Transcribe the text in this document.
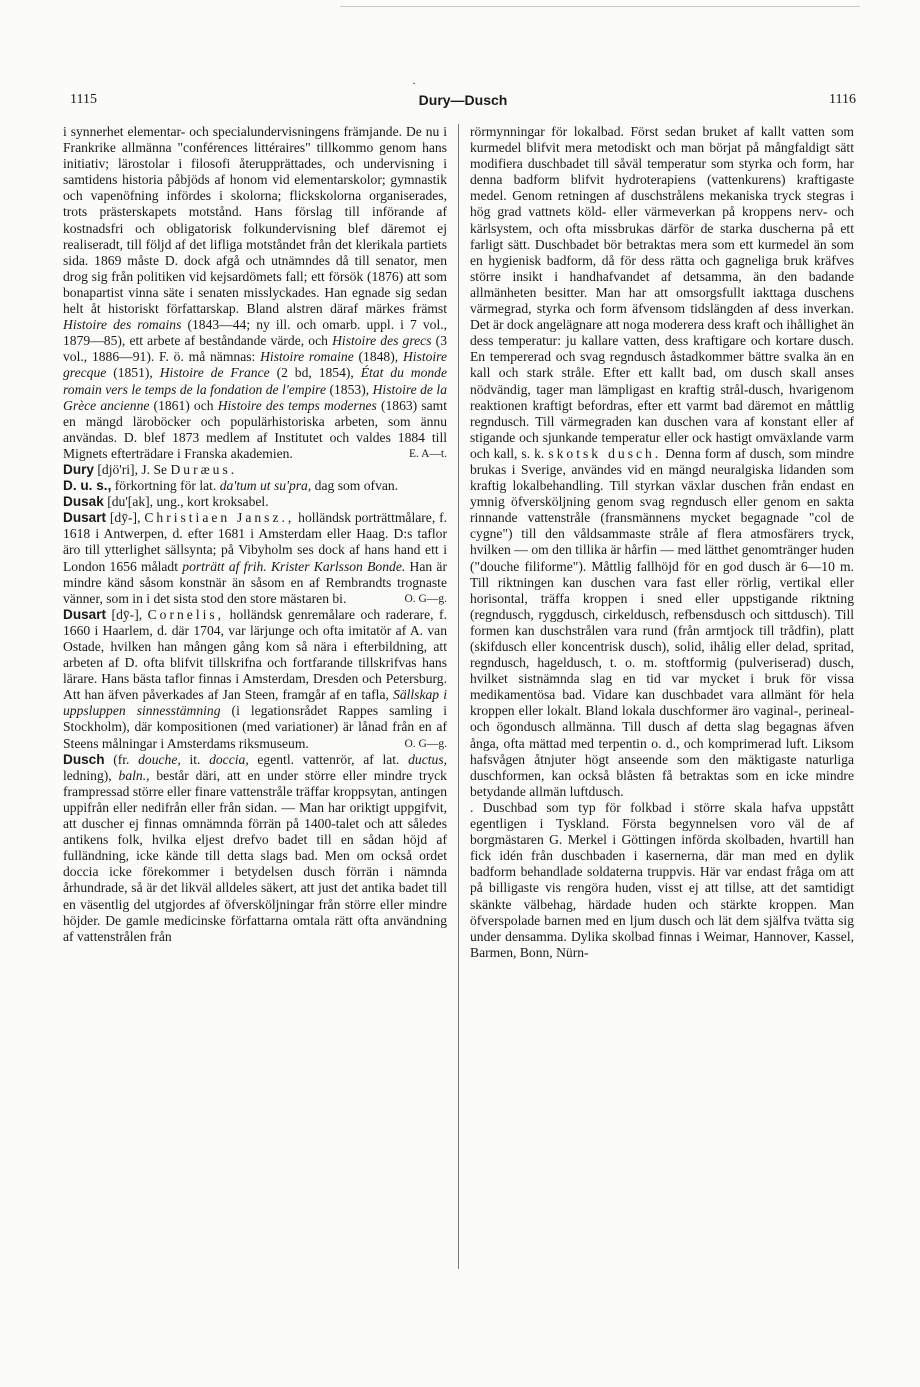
·
1115	Dury—Dusch	1116

i synnerhet elementar- och specialundervisningens främjande. De nu i Frankrike allmänna "conférences littéraires" tillkommo genom hans initiativ; lärostolar i filosofi återupprättades, och undervisning i samtidens historia påbjöds af honom vid elementarskolor; gymnastik och vapenöfning infördes i skolorna; flickskolorna organiserades, trots prästerskapets motstånd. Hans förslag till införande af kostnadsfri och obligatorisk folkundervisning blef däremot ej realiseradt, till följd af det lifliga motståndet från det klerikala partiets sida. 1869 måste D. dock afgå och utnämndes då till senator, men drog sig från politiken vid kejsardömets fall; ett försök (1876) att som bonapartist vinna säte i senaten misslyckades. Han egnade sig sedan helt åt historiskt författarskap. Bland alstren däraf märkes främst Histoire des romains (1843—44; ny ill. och omarb. uppl. i 7 vol., 1879—85), ett arbete af beståndande värde, och Histoire des grecs (3 vol., 1886—91). F. ö. må nämnas: Histoire romaine (1848), Histoire grecque (1851), Histoire de France (2 bd, 1854), État du monde romain vers le temps de la fondation de l'empire (1853), Histoire de la Grèce ancienne (1861) och Histoire des temps modernes (1863) samt en mängd läroböcker och populärhistoriska arbeten, som ännu användas. D. blef 1873 medlem af Institutet och valdes 1884 till Mignets efterträdare i Franska akademien.	E. A—t.

Dury [djö'ri], J. Se Duræus.

D. u. s., förkortning för lat. da'tum ut su'pra, dag som ofvan.

Dusak [du'[ak], ung., kort kroksabel.

Dusart [dȳ-], Christiaen Jansz., holländsk porträttmålare, f. 1618 i Antwerpen, d. efter 1681 i Amsterdam eller Haag. D:s taflor äro till ytterlighet sällsynta; på Vibyholm ses dock af hans hand ett i London 1656 måladt porträtt af frih. Krister Karlsson Bonde. Han är mindre känd såsom konstnär än såsom en af Rembrandts trognaste vänner, som in i det sista stod den store mästaren bi.	O. G—g.

Dusart [dȳ-], Cornelis, holländsk genremålare och raderare, f. 1660 i Haarlem, d. där 1704, var lärjunge och ofta imitatör af A. van Ostade, hvilken han mången gång kom så nära i efterbildning, att arbeten af D. ofta blifvit tillskrifna och fortfarande tillskrifvas hans lärare. Hans bästa taflor finnas i Amsterdam, Dresden och Petersburg. Att han äfven påverkades af Jan Steen, framgår af en tafla, Sällskap i uppsluppen sinnesstämning (i legationsrådet Rappes samling i Stockholm), där kompositionen (med variationer) är lånad från en af Steens målningar i Amsterdams riksmuseum.	O. G—g.

Dusch (fr. douche, it. doccia, egentl. vattenrör, af lat. ductus, ledning), baln., består däri, att en under större eller mindre tryck frampressad större eller finare vattenstråle träffar kroppsytan, antingen uppifrån eller nedifrån eller från sidan. — Man har oriktigt uppgifvit, att duscher ej finnas omnämnda förrän på 1400-talet och att således antikens folk, hvilka eljest drefvo badet till en sådan höjd af fulländning, icke kände till detta slags bad. Men om också ordet doccia icke förekommer i betydelsen dusch förrän i nämnda århundrade, så är det likväl alldeles säkert, att just det antika badet till en väsentlig del utgjordes af öfversköljningar från större eller mindre höjder. De gamle medicinske författarna omtala rätt ofta användning af vattenstrålen från

rörmynningar för lokalbad. Först sedan bruket af kallt vatten som kurmedel blifvit mera metodiskt och man börjat på mångfaldigt sätt modifiera duschbadet till såväl temperatur som styrka och form, har denna badform blifvit hydroterapiens (vattenkurens) kraftigaste medel. Genom retningen af duschstrålens mekaniska tryck stegras i hög grad vattnets köld- eller värmeverkan på kroppens nerv- och kärlsystem, och ofta missbrukas därför de starka duscherna på ett farligt sätt. Duschbadet bör betraktas mera som ett kurmedel än som en hygienisk badform, då för dess rätta och gagneliga bruk kräfves större insikt i handhafvandet af detsamma, än den badande allmänheten besitter. Man har att omsorgsfullt iakttaga duschens värmegrad, styrka och form äfvensom tidslängden af dess inverkan. Det är dock angelägnare att noga moderera dess kraft och ihållighet än dess temperatur: ju kallare vatten, dess kraftigare och kortare dusch. En tempererad och svag regndusch åstadkommer bättre svalka än en kall och stark stråle. Efter ett kallt bad, om dusch skall anses nödvändig, tager man lämpligast en kraftig strål-dusch, hvarigenom reaktionen kraftigt befordras, efter ett varmt bad däremot en måttlig regndusch. Till värmegraden kan duschen vara af konstant eller af stigande och sjunkande temperatur eller ock hastigt omväxlande varm och kall, s. k. skotsk dusch. Denna form af dusch, som mindre brukas i Sverige, användes vid en mängd neuralgiska lidanden som kraftig lokalbehandling. Till styrkan växlar duschen från endast en ymnig öfversköljning genom svag regndusch eller genom en sakta rinnande vattenstråle (fransmännens mycket begagnade "col de cygne") till den våldsammaste stråle af flera atmosfärers tryck, hvilken — om den tillika är hårfin — med lätthet genomtränger huden ("douche filiforme"). Måttlig fallhöjd för en god dusch är 6—10 m. Till riktningen kan duschen vara fast eller rörlig, vertikal eller horisontal, träffa kroppen i sned eller uppstigande riktning (regndusch, ryggdusch, cirkeldusch, refbensdusch och sittdusch). Till formen kan duschstrålen vara rund (från armtjock till trådfin), platt (skifdusch eller koncentrisk dusch), solid, ihålig eller delad, spritad, regndusch, hageldusch, t. o. m. stoftformig (pulveriserad) dusch, hvilket sistnämnda slag en tid var mycket i bruk för vissa medikamentösa bad. Vidare kan duschbadet vara allmänt för hela kroppen eller lokalt. Bland lokala duschformer äro vaginal-, perineal- och ögondusch allmänna. Till dusch af detta slag begagnas äfven ånga, ofta mättad med terpentin o. d., och komprimerad luft. Liksom hafsvågen åtnjuter högt anseende som den mäktigaste naturliga duschformen, kan också blåsten få betraktas som en icke mindre betydande allmän luftdusch.

. Duschbad som typ för folkbad i större skala hafva uppstått egentligen i Tyskland. Första begynnelsen voro väl de af borgmästaren G. Merkel i Göttingen införda skolbaden, hvartill han fick idén från duschbaden i kasernerna, där man med en dylik badform behandlade soldaterna truppvis. Här var endast fråga om att på billigaste vis rengöra huden, visst ej att tillse, att det samtidigt skänkte välbehag, härdade huden och stärkte kroppen. Man öfverspolade barnen med en ljum dusch och lät dem själfva tvätta sig under densamma. Dylika skolbad finnas i Weimar, Hannover, Kassel, Barmen, Bonn, Nürn-
